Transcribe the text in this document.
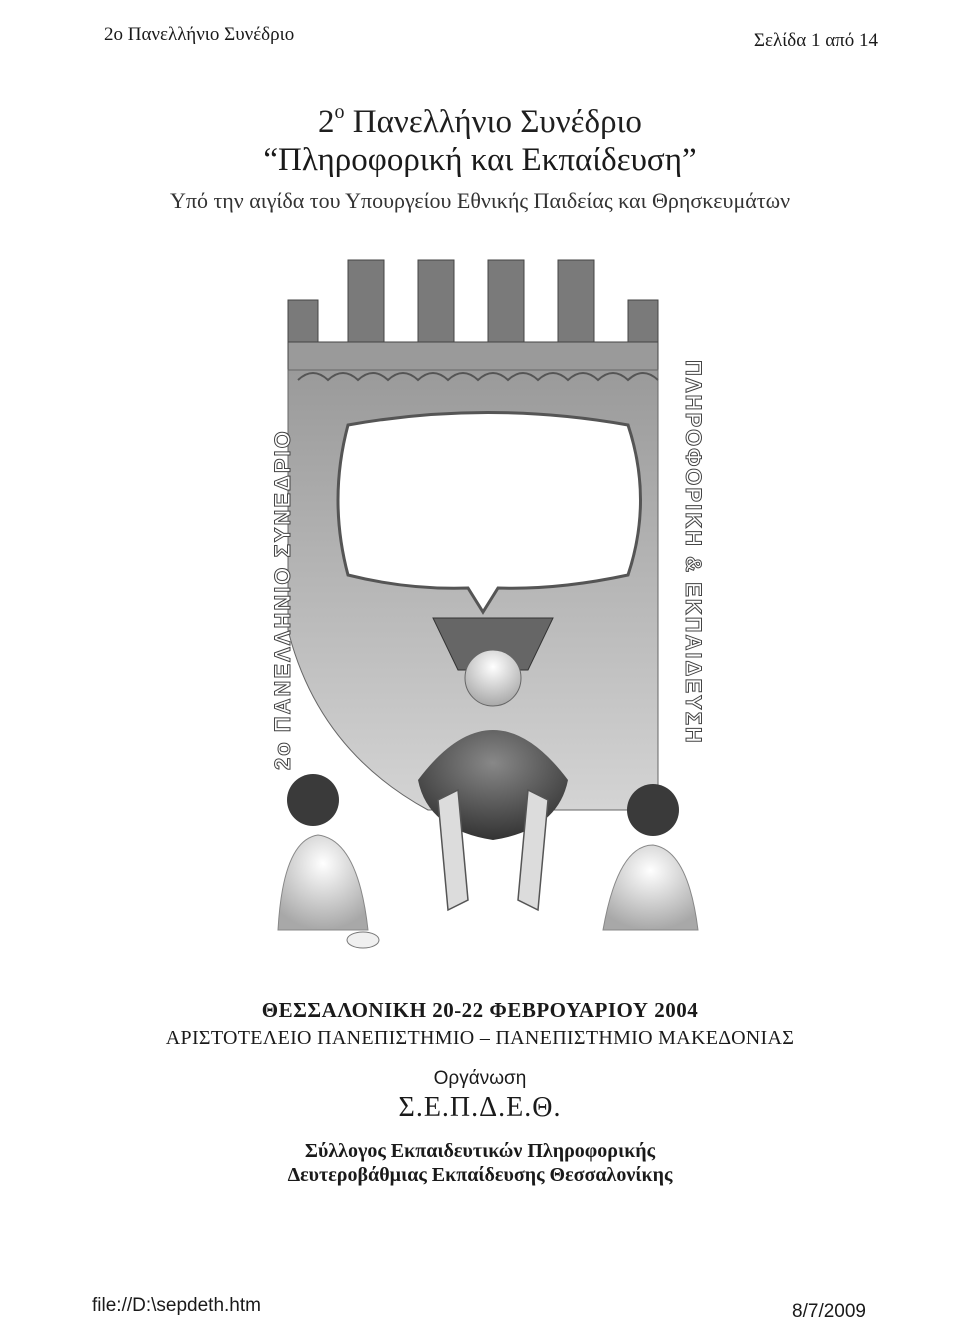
2ο Πανελλήνιο Συνέδριο	Σελίδα 1 από 14
$2^o$ Πανελλήνιο Συνέδριο
“Πληροφορική και Εκπαίδευση”
Υπό την αιγίδα του Υπουργείου Εθνικής Παιδείας και Θρησκευμάτων
2ο ΠΑΝΕΛΛΗΝΙΟ ΣΥΝΕΔΡΙΟ	ΠΛΗΡΟΦΟΡΙΚΗ & ΕΚΠΑΙΔΕΥΣΗ
ΘΕΣΣΑΛΟΝΙΚΗ 20-22 ΦΕΒΡΟΥΑΡΙΟΥ 2004
ΑΡΙΣΤΟΤΕΛΕΙΟ ΠΑΝΕΠΙΣΤΗΜΙΟ – ΠΑΝΕΠΙΣΤΗΜΙΟ ΜΑΚΕΔΟΝΙΑΣ
Οργάνωση
Σ.Ε.Π.Δ.Ε.Θ.
Σύλλογος Εκπαιδευτικών Πληροφορικής
Δευτεροβάθμιας Εκπαίδευσης Θεσσαλονίκης
file://D:\sepdeth.htm	8/7/2009
